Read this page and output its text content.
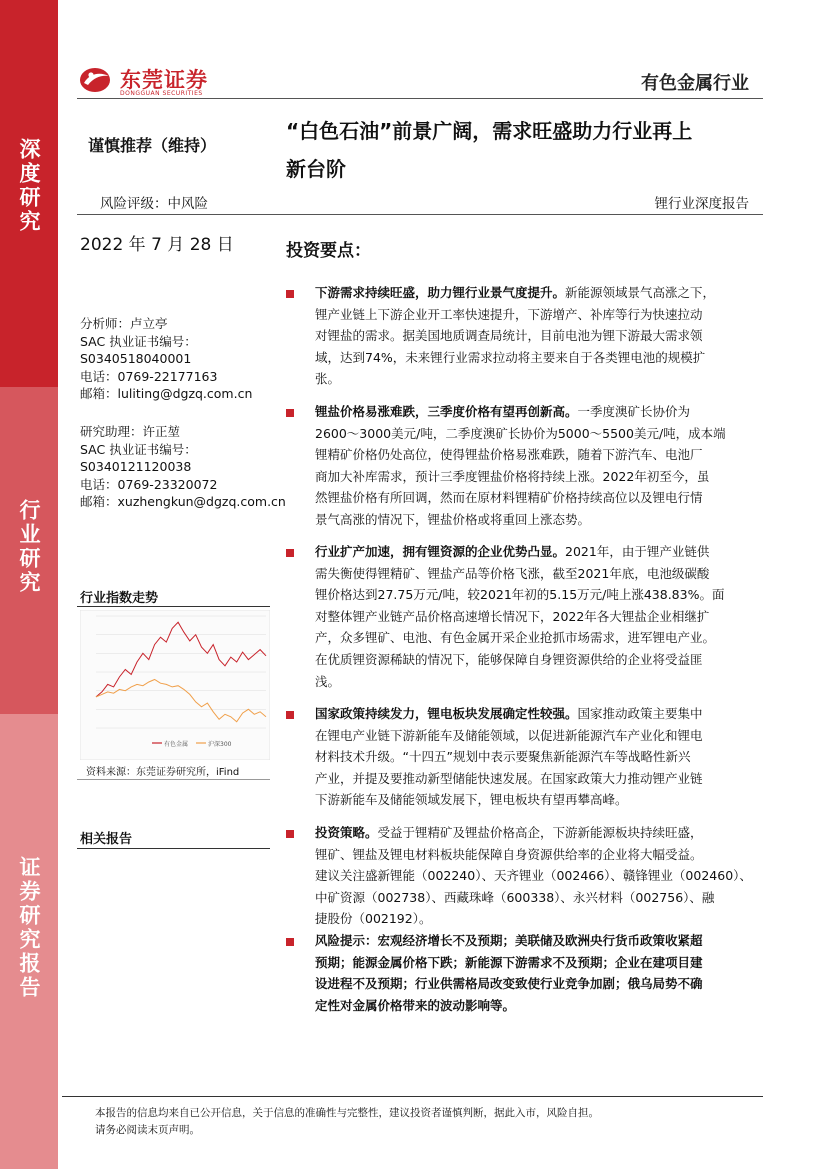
深度研究
行业研究
证券研究报告
东莞证券
DONGGUAN SECURITIES	有色金属行业
谨慎推荐（维持）
“白色石油”前景广阔，需求旺盛助力行业再上
新台阶
风险评级：中风险	锂行业深度报告
2022 年 7 月 28 日	投资要点：
分析师：卢立亭
SAC 执业证书编号：
S0340518040001
电话：0769-22177163
邮箱：luliting@dgzq.com.cn
研究助理：许正堃
SAC 执业证书编号：
S0340121120038
电话：0769-23320072
邮箱：xuzhengkun@dgzq.com.cn
行业指数走势
有色金属	沪深300
资料来源：东莞证券研究所，iFind
相关报告
下游需求持续旺盛，助力锂行业景气度提升。新能源领域景气高涨之下，
锂产业链上下游企业开工率快速提升，下游增产、补库等行为快速拉动
对锂盐的需求。据美国地质调查局统计，目前电池为锂下游最大需求领
域，达到74%，未来锂行业需求拉动将主要来自于各类锂电池的规模扩
张。
锂盐价格易涨难跌，三季度价格有望再创新高。一季度澳矿长协价为
2600～3000美元/吨，二季度澳矿长协价为5000～5500美元/吨，成本端
锂精矿价格仍处高位，使得锂盐价格易涨难跌，随着下游汽车、电池厂
商加大补库需求，预计三季度锂盐价格将持续上涨。2022年初至今，虽
然锂盐价格有所回调，然而在原材料锂精矿价格持续高位以及锂电行情
景气高涨的情况下，锂盐价格或将重回上涨态势。
行业扩产加速，拥有锂资源的企业优势凸显。2021年，由于锂产业链供
需失衡使得锂精矿、锂盐产品等价格飞涨，截至2021年底，电池级碳酸
锂价格达到27.75万元/吨，较2021年初的5.15万元/吨上涨438.83%。面
对整体锂产业链产品价格高速增长情况下，2022年各大锂盐企业相继扩
产，众多锂矿、电池、有色金属开采企业抢抓市场需求，进军锂电产业。
在优质锂资源稀缺的情况下，能够保障自身锂资源供给的企业将受益匪
浅。
国家政策持续发力，锂电板块发展确定性较强。国家推动政策主要集中
在锂电产业链下游新能车及储能领域，以促进新能源汽车产业化和锂电
材料技术升级。“十四五”规划中表示要聚焦新能源汽车等战略性新兴
产业，并提及要推动新型储能快速发展。在国家政策大力推动锂产业链
下游新能车及储能领域发展下，锂电板块有望再攀高峰。
投资策略。受益于锂精矿及锂盐价格高企，下游新能源板块持续旺盛，
锂矿、锂盐及锂电材料板块能保障自身资源供给率的企业将大幅受益。
建议关注盛新锂能（002240）、天齐锂业（002466）、赣锋锂业（002460）、
中矿资源（002738）、西藏珠峰（600338）、永兴材料（002756）、融
捷股份（002192）。
风险提示：宏观经济增长不及预期；美联储及欧洲央行货币政策收紧超
预期；能源金属价格下跌；新能源下游需求不及预期；企业在建项目建
设进程不及预期；行业供需格局改变致使行业竞争加剧；俄乌局势不确
定性对金属价格带来的波动影响等。
本报告的信息均来自已公开信息，关于信息的准确性与完整性，建议投资者谨慎判断，据此入市，风险自担。
请务必阅读末页声明。
